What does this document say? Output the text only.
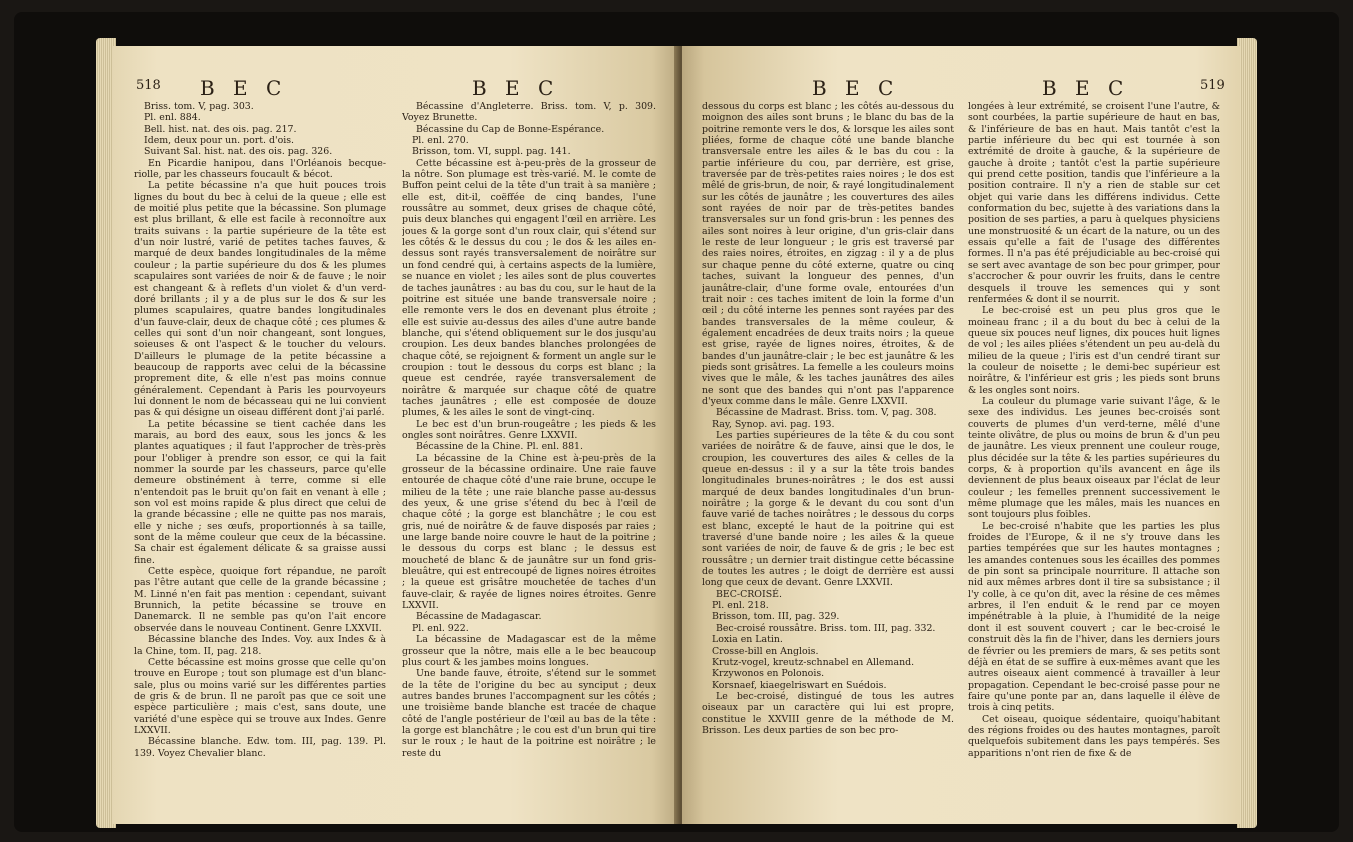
518 B E C	B E C

Briss. tom. V, pag. 303.

Pl. enl. 884.

Bell. hist. nat. des ois. pag. 217.

Idem, deux pour un. port. d'ois.

Suivant Sal. hist. nat. des ois. pag. 326.

En Picardie hanipou, dans l'Orléanois becque-riolle, par les chasseurs foucault & bécot.

La petite bécassine n'a que huit pouces trois lignes du bout du bec à celui de la queue ; elle est de moitié plus petite que la bécassine. Son plumage est plus brillant, & elle est facile à reconnoître aux traits suivans : la partie supérieure de la tête est d'un noir lustré, varié de petites taches fauves, & marqué de deux bandes longitudinales de la même couleur ; la partie supérieure du dos & les plumes scapulaires sont variées de noir & de fauve ; le noir est changeant & à reflets d'un violet & d'un verd-doré brillants ; il y a de plus sur le dos & sur les plumes scapulaires, quatre bandes longitudinales d'un fauve-clair, deux de chaque côté ; ces plumes & celles qui sont d'un noir changeant, sont longues, soieuses & ont l'aspect & le toucher du velours. D'ailleurs le plumage de la petite bécassine a beaucoup de rapports avec celui de la bécassine proprement dite, & elle n'est pas moins connue généralement. Cependant à Paris les pourvoyeurs lui donnent le nom de bécasseau qui ne lui convient pas & qui désigne un oiseau différent dont j'ai parlé.

La petite bécassine se tient cachée dans les marais, au bord des eaux, sous les joncs & les plantes aquatiques ; il faut l'approcher de très-près pour l'obliger à prendre son essor, ce qui la fait nommer la sourde par les chasseurs, parce qu'elle demeure obstinément à terre, comme si elle n'entendoit pas le bruit qu'on fait en venant à elle ; son vol est moins rapide & plus direct que celui de la grande bécassine ; elle ne quitte pas nos marais, elle y niche ; ses œufs, proportionnés à sa taille, sont de la même couleur que ceux de la bécassine. Sa chair est également délicate & sa graisse aussi fine.

Cette espèce, quoique fort répandue, ne paroît pas l'être autant que celle de la grande bécassine ; M. Linné n'en fait pas mention : cependant, suivant Brunnich, la petite bécassine se trouve en Danemarck. Il ne semble pas qu'on l'ait encore observée dans le nouveau Continent. Genre LXXVII.

Bécassine blanche des Indes. Voy. aux Indes & à la Chine, tom. II, pag. 218.

Cette bécassine est moins grosse que celle qu'on trouve en Europe ; tout son plumage est d'un blanc-sale, plus ou moins varié sur les différentes parties de gris & de brun. Il ne paroît pas que ce soit une espèce particulière ; mais c'est, sans doute, une variété d'une espèce qui se trouve aux Indes. Genre LXXVII.

Bécassine blanche. Edw. tom. III, pag. 139. Pl. 139. Voyez Chevalier blanc.

Bécassine d'Angleterre. Briss. tom. V, p. 309. Voyez Brunette.

Bécassine du Cap de Bonne-Espérance.

Pl. enl. 270.

Brisson, tom. VI, suppl. pag. 141.

Cette bécassine est à-peu-près de la grosseur de la nôtre. Son plumage est très-varié. M. le comte de Buffon peint celui de la tête d'un trait à sa manière ; elle est, dit-il, coëffée de cinq bandes, l'une roussâtre au sommet, deux grises de chaque côté, puis deux blanches qui engagent l'œil en arrière. Les joues & la gorge sont d'un roux clair, qui s'étend sur les côtés & le dessus du cou ; le dos & les ailes en-dessus sont rayés transversalement de noirâtre sur un fond cendré qui, à certains aspects de la lumière, se nuance en violet ; les ailes sont de plus couvertes de taches jaunâtres : au bas du cou, sur le haut de la poitrine est située une bande transversale noire ; elle remonte vers le dos en devenant plus étroite ; elle est suivie au-dessus des ailes d'une autre bande blanche, qui s'étend obliquement sur le dos jusqu'au croupion. Les deux bandes blanches prolongées de chaque côté, se rejoignent & forment un angle sur le croupion : tout le dessous du corps est blanc ; la queue est cendrée, rayée transversalement de noirâtre & marquée sur chaque côté de quatre taches jaunâtres ; elle est composée de douze plumes, & les ailes le sont de vingt-cinq.

Le bec est d'un brun-rougeâtre ; les pieds & les ongles sont noirâtres. Genre LXXVII.

Bécassine de la Chine. Pl. enl. 881.

La bécassine de la Chine est à-peu-près de la grosseur de la bécassine ordinaire. Une raie fauve entourée de chaque côté d'une raie brune, occupe le milieu de la tête ; une raie blanche passe au-dessus des yeux, & une grise s'étend du bec à l'œil de chaque côté ; la gorge est blanchâtre ; le cou est gris, nué de noirâtre & de fauve disposés par raies ; une large bande noire couvre le haut de la poitrine ; le dessous du corps est blanc ; le dessus est moucheté de blanc & de jaunâtre sur un fond gris-bleuâtre, qui est entrecoupé de lignes noires étroites ; la queue est grisâtre mouchetée de taches d'un fauve-clair, & rayée de lignes noires étroites. Genre LXXVII.

Bécassine de Madagascar.

Pl. enl. 922.

La bécassine de Madagascar est de la même grosseur que la nôtre, mais elle a le bec beaucoup plus court & les jambes moins longues.

Une bande fauve, étroite, s'étend sur le sommet de la tête de l'origine du bec au synciput ; deux autres bandes brunes l'accompagnent sur les côtés ; une troisième bande blanche est tracée de chaque côté de l'angle postérieur de l'œil au bas de la tête : la gorge est blanchâtre ; le cou est d'un brun qui tire sur le roux ; le haut de la poitrine est noirâtre ; le reste du

B E C	B E C	519

dessous du corps est blanc ; les côtés au-dessous du moignon des ailes sont bruns ; le blanc du bas de la poitrine remonte vers le dos, & lorsque les ailes sont pliées, forme de chaque côté une bande blanche transversale entre les ailes & le bas du cou : la partie inférieure du cou, par derrière, est grise, traversée par de très-petites raies noires ; le dos est mêlé de gris-brun, de noir, & rayé longitudinalement sur les côtés de jaunâtre ; les couvertures des ailes sont rayées de noir par de très-petites bandes transversales sur un fond gris-brun : les pennes des ailes sont noires à leur origine, d'un gris-clair dans le reste de leur longueur ; le gris est traversé par des raies noires, étroites, en zigzag : il y a de plus sur chaque penne du côté externe, quatre ou cinq taches, suivant la longueur des pennes, d'un jaunâtre-clair, d'une forme ovale, entourées d'un trait noir : ces taches imitent de loin la forme d'un œil ; du côté interne les pennes sont rayées par des bandes transversales de la même couleur, & également encadrées de deux traits noirs ; la queue est grise, rayée de lignes noires, étroites, & de bandes d'un jaunâtre-clair ; le bec est jaunâtre & les pieds sont grisâtres. La femelle a les couleurs moins vives que le mâle, & les taches jaunâtres des ailes ne sont que des bandes qui n'ont pas l'apparence d'yeux comme dans le mâle. Genre LXXVII.

Bécassine de Madrast. Briss. tom. V, pag. 308.

Ray, Synop. avi. pag. 193.

Les parties supérieures de la tête & du cou sont variées de noirâtre & de fauve, ainsi que le dos, le croupion, les couvertures des ailes & celles de la queue en-dessus : il y a sur la tête trois bandes longitudinales brunes-noirâtres ; le dos est aussi marqué de deux bandes longitudinales d'un brun-noirâtre ; la gorge & le devant du cou sont d'un fauve varié de taches noirâtres ; le dessous du corps est blanc, excepté le haut de la poitrine qui est traversé d'une bande noire ; les ailes & la queue sont variées de noir, de fauve & de gris ; le bec est roussâtre ; un dernier trait distingue cette bécassine de toutes les autres ; le doigt de derrière est aussi long que ceux de devant. Genre LXXVII.

BEC-CROISÉ.

Pl. enl. 218.

Brisson, tom. III, pag. 329.

Bec-croisé roussâtre. Briss. tom. III, pag. 332.

Loxia en Latin.

Crosse-bill en Anglois.

Krutz-vogel, kreutz-schnabel en Allemand.

Krzywonos en Polonois.

Korsnaef, kiaegelriswart en Suédois.

Le bec-croisé, distingué de tous les autres oiseaux par un caractère qui lui est propre, constitue le XXVIII genre de la méthode de M. Brisson. Les deux parties de son bec pro-

longées à leur extrémité, se croisent l'une l'autre, & sont courbées, la partie supérieure de haut en bas, & l'inférieure de bas en haut. Mais tantôt c'est la partie inférieure du bec qui est tournée à son extrémité de droite à gauche, & la supérieure de gauche à droite ; tantôt c'est la partie supérieure qui prend cette position, tandis que l'inférieure a la position contraire. Il n'y a rien de stable sur cet objet qui varie dans les différens individus. Cette conformation du bec, sujette à des variations dans la position de ses parties, a paru à quelques physiciens une monstruosité & un écart de la nature, ou un des essais qu'elle a fait de l'usage des différentes formes. Il n'a pas été préjudiciable au bec-croisé qui se sert avec avantage de son bec pour grimper, pour s'accrocher & pour ouvrir les fruits, dans le centre desquels il trouve les semences qui y sont renfermées & dont il se nourrit.

Le bec-croisé est un peu plus gros que le moineau franc ; il a du bout du bec à celui de la queue six pouces neuf lignes, dix pouces huit lignes de vol ; les ailes pliées s'étendent un peu au-delà du milieu de la queue ; l'iris est d'un cendré tirant sur la couleur de noisette ; le demi-bec supérieur est noirâtre, & l'inférieur est gris ; les pieds sont bruns & les ongles sont noirs.

La couleur du plumage varie suivant l'âge, & le sexe des individus. Les jeunes bec-croisés sont couverts de plumes d'un verd-terne, mêlé d'une teinte olivâtre, de plus ou moins de brun & d'un peu de jaunâtre. Les vieux prennent une couleur rouge, plus décidée sur la tête & les parties supérieures du corps, & à proportion qu'ils avancent en âge ils deviennent de plus beaux oiseaux par l'éclat de leur couleur ; les femelles prennent successivement le même plumage que les mâles, mais les nuances en sont toujours plus foibles.

Le bec-croisé n'habite que les parties les plus froides de l'Europe, & il ne s'y trouve dans les parties tempérées que sur les hautes montagnes ; les amandes contenues sous les écailles des pommes de pin sont sa principale nourriture. Il attache son nid aux mêmes arbres dont il tire sa subsistance ; il l'y colle, à ce qu'on dit, avec la résine de ces mêmes arbres, il l'en enduit & le rend par ce moyen impénétrable à la pluie, à l'humidité de la neige dont il est souvent couvert ; car le bec-croisé le construit dès la fin de l'hiver, dans les derniers jours de février ou les premiers de mars, & ses petits sont déjà en état de se suffire à eux-mêmes avant que les autres oiseaux aient commencé à travailler à leur propagation. Cependant le bec-croisé passe pour ne faire qu'une ponte par an, dans laquelle il élève de trois à cinq petits.

Cet oiseau, quoique sédentaire, quoiqu'habitant des régions froides ou des hautes montagnes, paroît quelquefois subitement dans les pays tempérés. Ses apparitions n'ont rien de fixe & de
